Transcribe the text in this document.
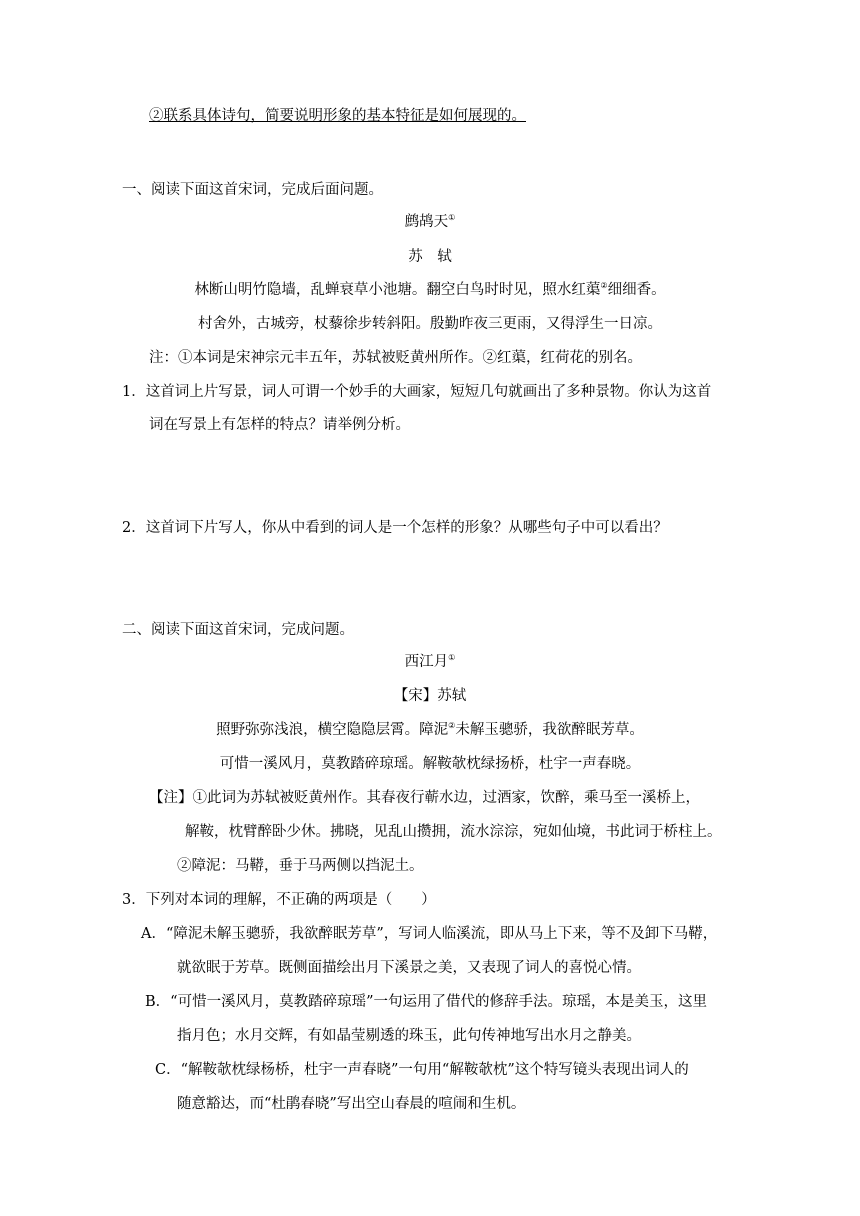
②联系具体诗句，简要说明形象的基本特征是如何展现的。
一、阅读下面这首宋词，完成后面问题。
鹧鸪天①
苏　轼
林断山明竹隐墙，乱蝉衰草小池塘。翻空白鸟时时见，照水红蕖②细细香。
村舍外，古城旁，杖藜徐步转斜阳。殷勤昨夜三更雨，又得浮生一日凉。
注：①本词是宋神宗元丰五年，苏轼被贬黄州所作。②红蕖，红荷花的别名。
1．这首词上片写景，词人可谓一个妙手的大画家，短短几句就画出了多种景物。你认为这首
词在写景上有怎样的特点？请举例分析。
2．这首词下片写人，你从中看到的词人是一个怎样的形象？从哪些句子中可以看出？
二、阅读下面这首宋词，完成问题。
西江月①
【宋】苏轼
照野弥弥浅浪，横空隐隐层霄。障泥②未解玉骢骄，我欲醉眠芳草。
可惜一溪风月，莫教踏碎琼瑶。解鞍欹枕绿扬桥，杜宇一声春晓。
【注】①此词为苏轼被贬黄州作。其春夜行蕲水边，过酒家，饮醉，乘马至一溪桥上，
解鞍，枕臂醉卧少休。拂晓，见乱山攒拥，流水淙淙，宛如仙境，书此词于桥柱上。
②障泥：马鞯，垂于马两侧以挡泥土。
3．下列对本词的理解，不正确的两项是（　　）
A．“障泥未解玉骢骄，我欲醉眠芳草”，写词人临溪流，即从马上下来，等不及卸下马鞯，
就欲眠于芳草。既侧面描绘出月下溪景之美，又表现了词人的喜悦心情。
B．“可惜一溪风月，莫教踏碎琼瑶”一句运用了借代的修辞手法。琼瑶，本是美玉，这里
指月色；水月交辉，有如晶莹剔透的珠玉，此句传神地写出水月之静美。
C．“解鞍欹枕绿杨桥，杜宇一声春晓”一句用“解鞍欹枕”这个特写镜头表现出词人的
随意豁达，而“杜鹃春晓”写出空山春晨的喧闹和生机。
